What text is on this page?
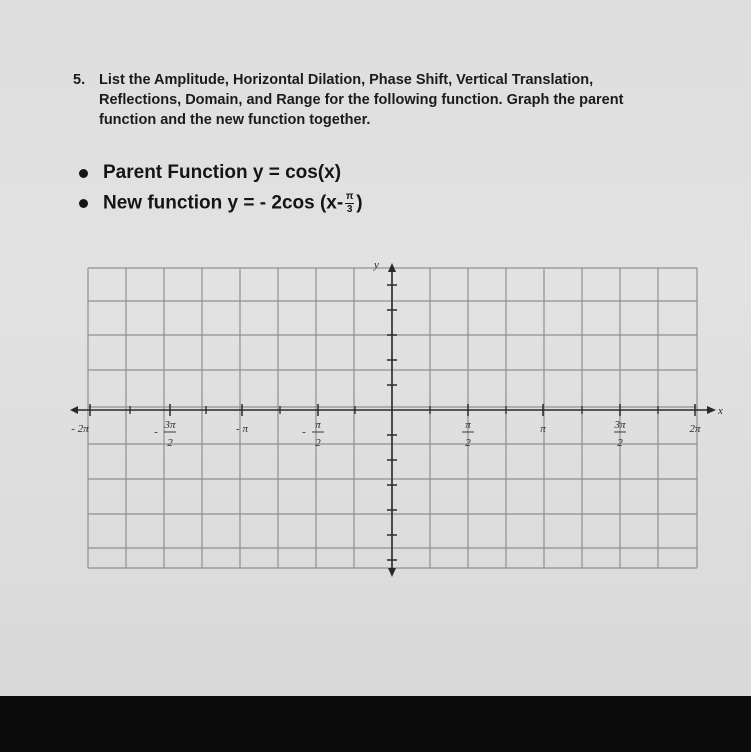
5. List the Amplitude, Horizontal Dilation, Phase Shift, Vertical Translation,
Reflections, Domain, and Range for the following function. Graph the parent
function and the new function together.
Parent Function y = cos(x)
New function y = - 2cos ($x- \frac{\pi}{3}$ )
x
y
- 2π	3π
2
-	- π	π
2
-
π
2
π	3π
2
2π
